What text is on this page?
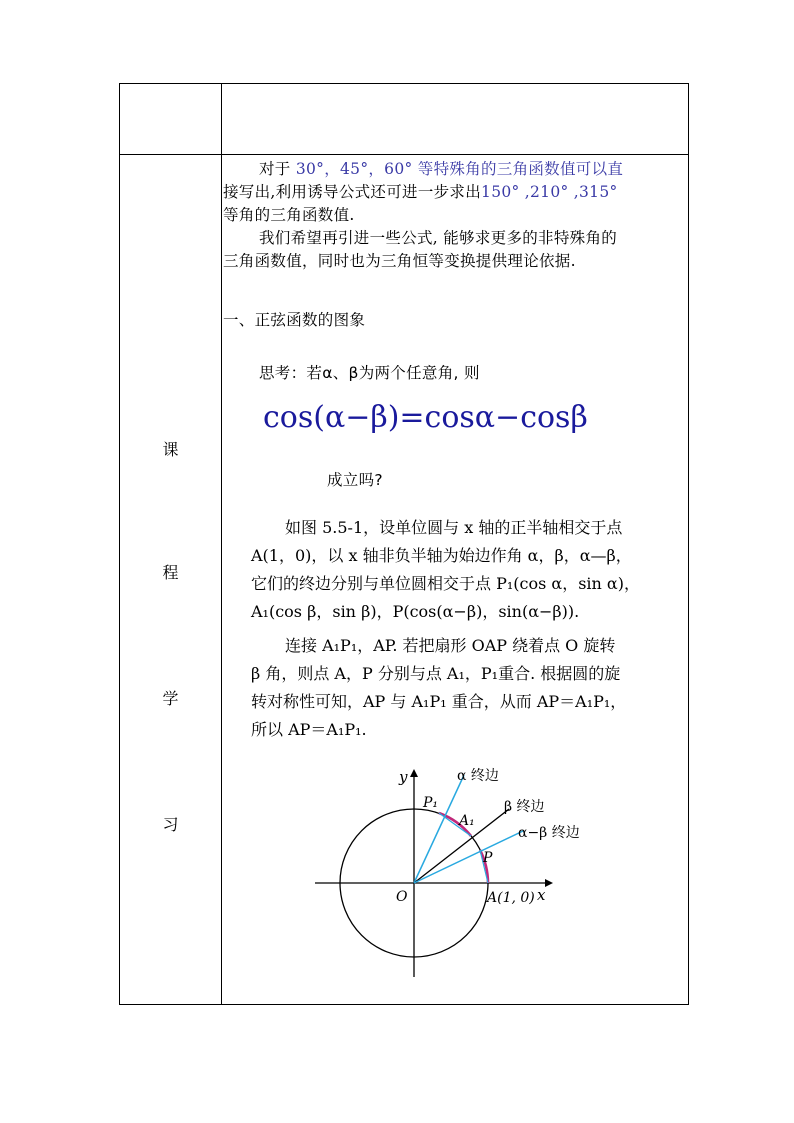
课
程
学
习
对于 30°，45°，60° 等特殊角的三角函数值可以直
接写出,利用诱导公式还可进一步求出150° ,210° ,315°
等角的三角函数值.
我们希望再引进一些公式, 能够求更多的非特殊角的
三角函数值，同时也为三角恒等变换提供理论依据.
一、正弦函数的图象
思考：若α、β为两个任意角, 则
cos(α−β)=cosα−cosβ
成立吗?
如图 5.5-1，设单位圆与 x 轴的正半轴相交于点
A(1，0)，以 x 轴非负半轴为始边作角 α，β，α—β，
它们的终边分别与单位圆相交于点 P₁(cos α，sin α)，
A₁(cos β，sin β)，P(cos(α−β)，sin(α−β)).
连接 A₁P₁，AP. 若把扇形 OAP 绕着点 O 旋转
β 角，则点 A，P 分别与点 A₁，P₁重合. 根据圆的旋
转对称性可知，AP 与 A₁P₁ 重合，从而 AP＝A₁P₁，
所以 AP＝A₁P₁.
y
x
α 终边
β 终边
α−β 终边
P₁
A₁
P
O	A(1, 0)
